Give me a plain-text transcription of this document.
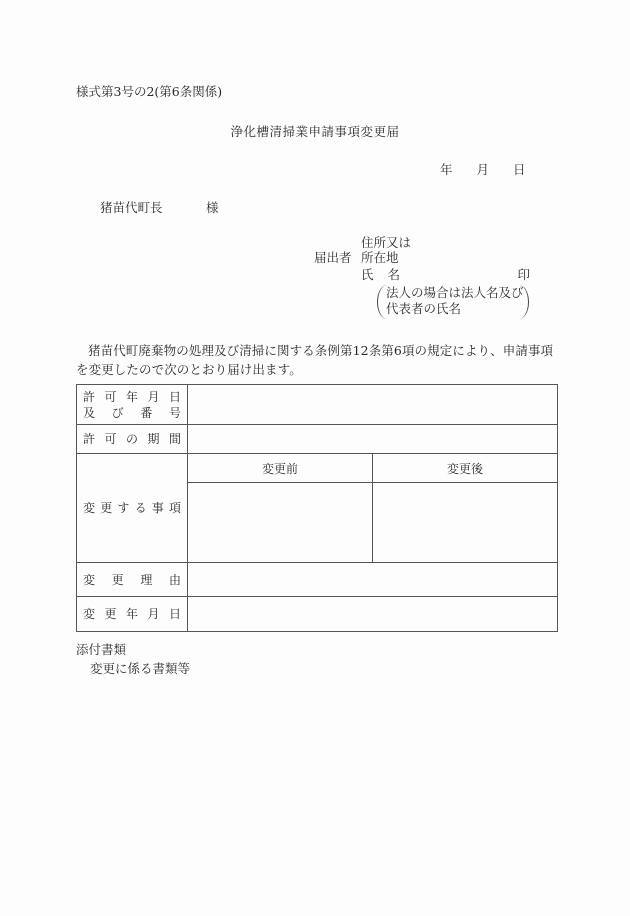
様式第3号の2(第6条関係)
浄化槽清掃業申請事項変更届
年 月 日
猪苗代町長	様
住所又は
届出者 所在地
氏 名	印
法人の場合は法人名及び
代表者の氏名
猪苗代町廃棄物の処理及び清掃に関する条例第12条第6項の規定により、申請事項を変更したので次のとおり届け出ます。
許 可 年 月 日
及 び 番 号

許 可 の 期 間		

変 更 す る 事 項
	変更前	変更後

変 更 理 由		

変 更 年 月 日		

添付書類
変更に係る書類等
